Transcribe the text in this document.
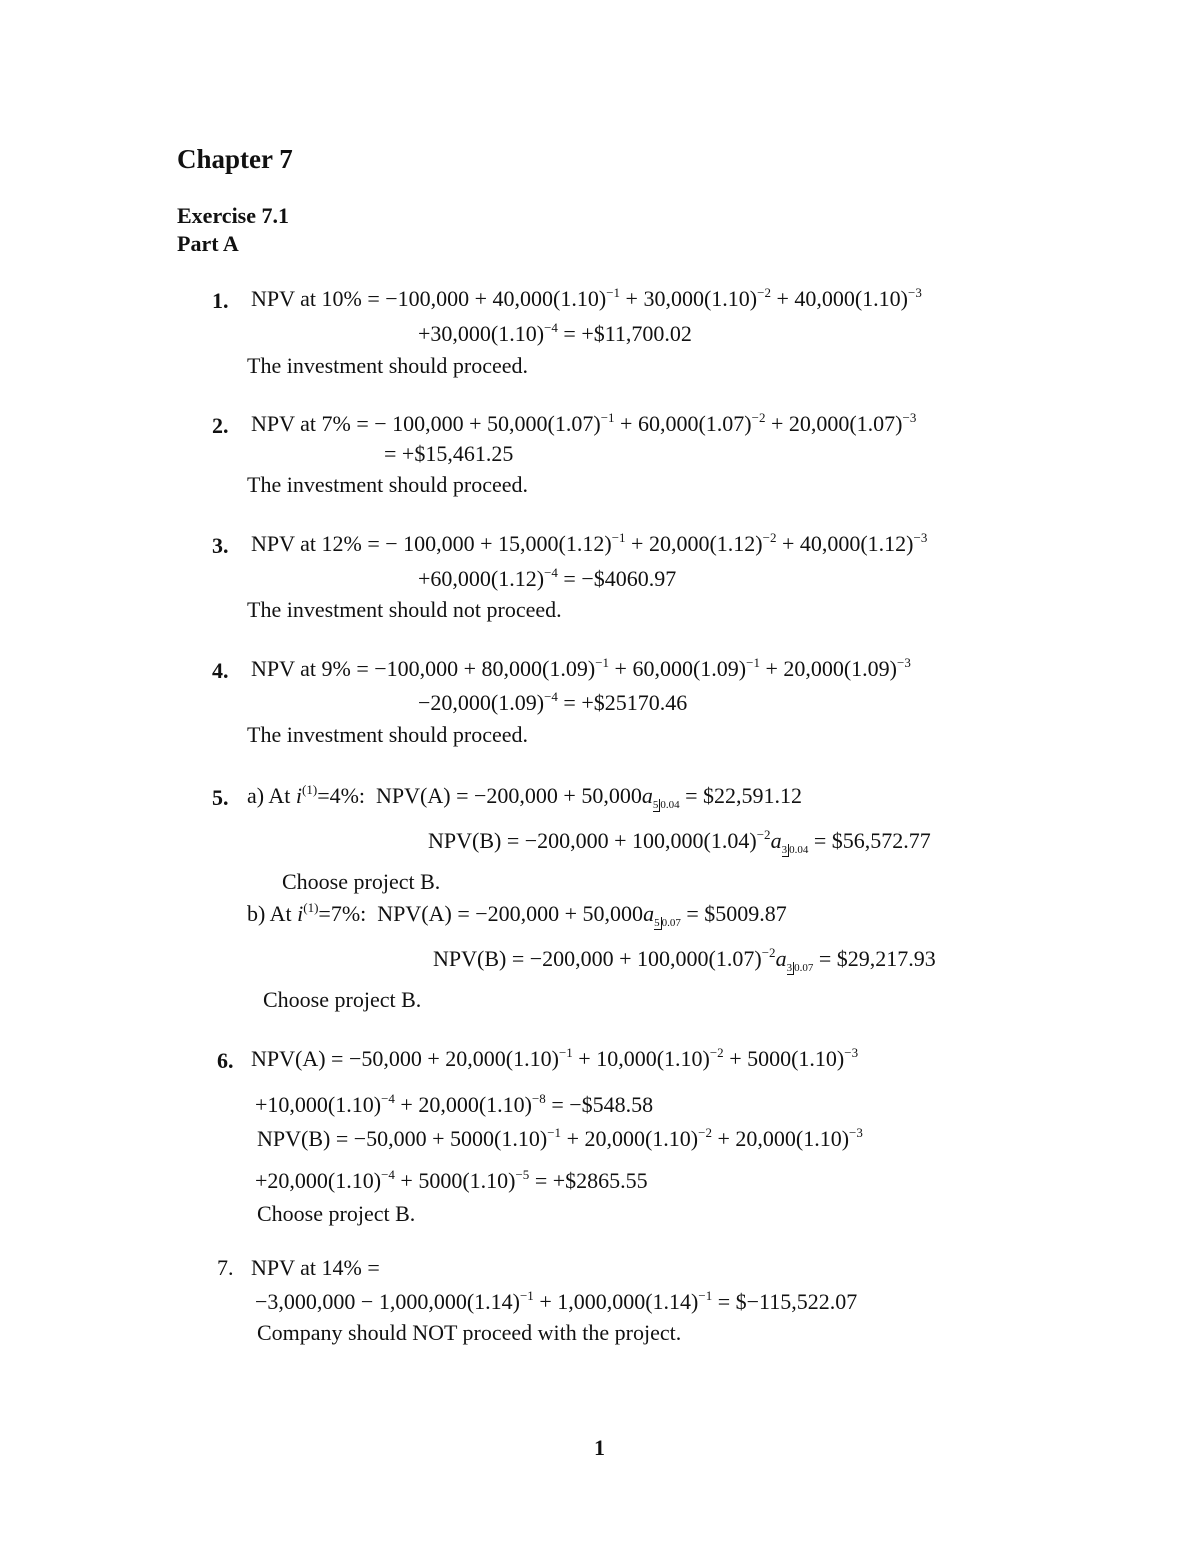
Chapter 7
Exercise 7.1
Part A
1. NPV at $10\% = -100,000 + 40,000(1.10)^{-1} + 30,000(1.10)^{-2} + 40,000(1.10)^{-3}$
$+30,000(1.10)^{-4}$ = +$11,700.02
The investment should proceed.
2. NPV at 7% = − $100,000 + 50,000(1.07)^{-1} + 60,000(1.07)^{-2} + 20,000(1.07)^{-3}$
= +$15,461.25
The investment should proceed.
3. NPV at 12% = − $100,000 + 15,000(1.12)^{-1} + 20,000(1.12)^{-2} + 40,000(1.12)^{-3}$
$+60,000(1.12)^{-4}$ = −$4060.97
The investment should not proceed.
4. NPV at $9\% = -100,000 + 80,000(1.09)^{-1} + 60,000(1.09)^{-1} + 20,000(1.09)^{-3}$
$-20,000(1.09)^{-4}$ = +$25170.46
The investment should proceed.
5. a) At $i^{(1)}=4\%$: $NPV(A) = -200,000 + 50,000a_{5 0.04}$ = $22,591.12
$NPV(B) = -200,000 + 100,000(1.04)^{-2}a_{3 0.04}$ = $56,572.77
Choose project B.
b) At $i^{(1)}=7\%$: $NPV(A) = -200,000 + 50,000a_{5 0.07}$ = $5009.87
$NPV(B) = -200,000 + 100,000(1.07)^{-2}a_{3 0.07}$ = $29,217.93
Choose project B.
6. $NPV(A) = -50,000 + 20,000(1.10)^{-1} + 10,000(1.10)^{-2} + 5000(1.10)^{-3}$
$+10,000(1.10)^{-4} + 20,000(1.10)^{-8}$ = −$548.58
$NPV(B) = -50,000 + 5000(1.10)^{-1} + 20,000(1.10)^{-2} + 20,000(1.10)^{-3}$
$+20,000(1.10)^{-4} + 5000(1.10)^{-5}$ = +$2865.55
Choose project B.
7. NPV at 14% =
$-3,000,000 - 1,000,000(1.14)^{-1} + 1,000,000(1.14)^{-1}$ = $−115,522.07
Company should NOT proceed with the project.
1
